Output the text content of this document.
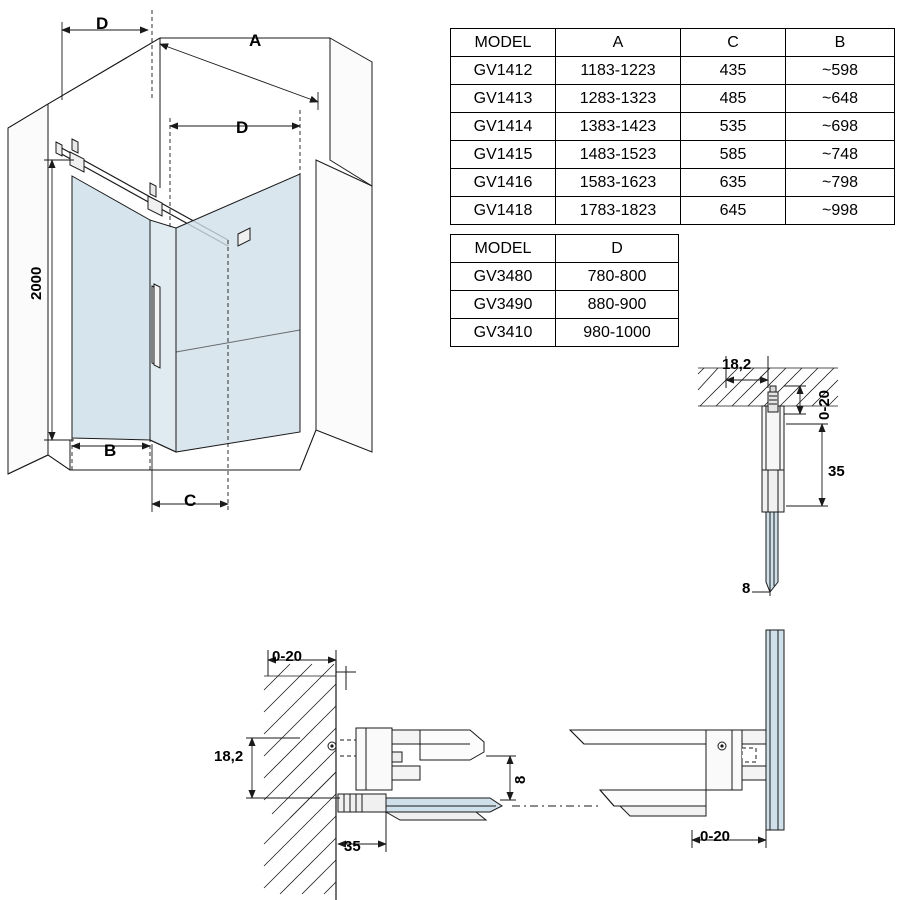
MODEL	A	C	B
GV1412	1183-1223	435	~598
GV1413	1283-1323	485	~648
GV1414	1383-1423	535	~698
GV1415	1483-1523	585	~748
GV1416	1583-1623	635	~798
GV1418	1783-1823	645	~998
MODEL	D
GV3480	780-800
GV3490	880-900
GV3410	980-1000
D
A
D
2000
B
C
18,2
0-20
35
8
0-20
18,2
8
35
0-20
